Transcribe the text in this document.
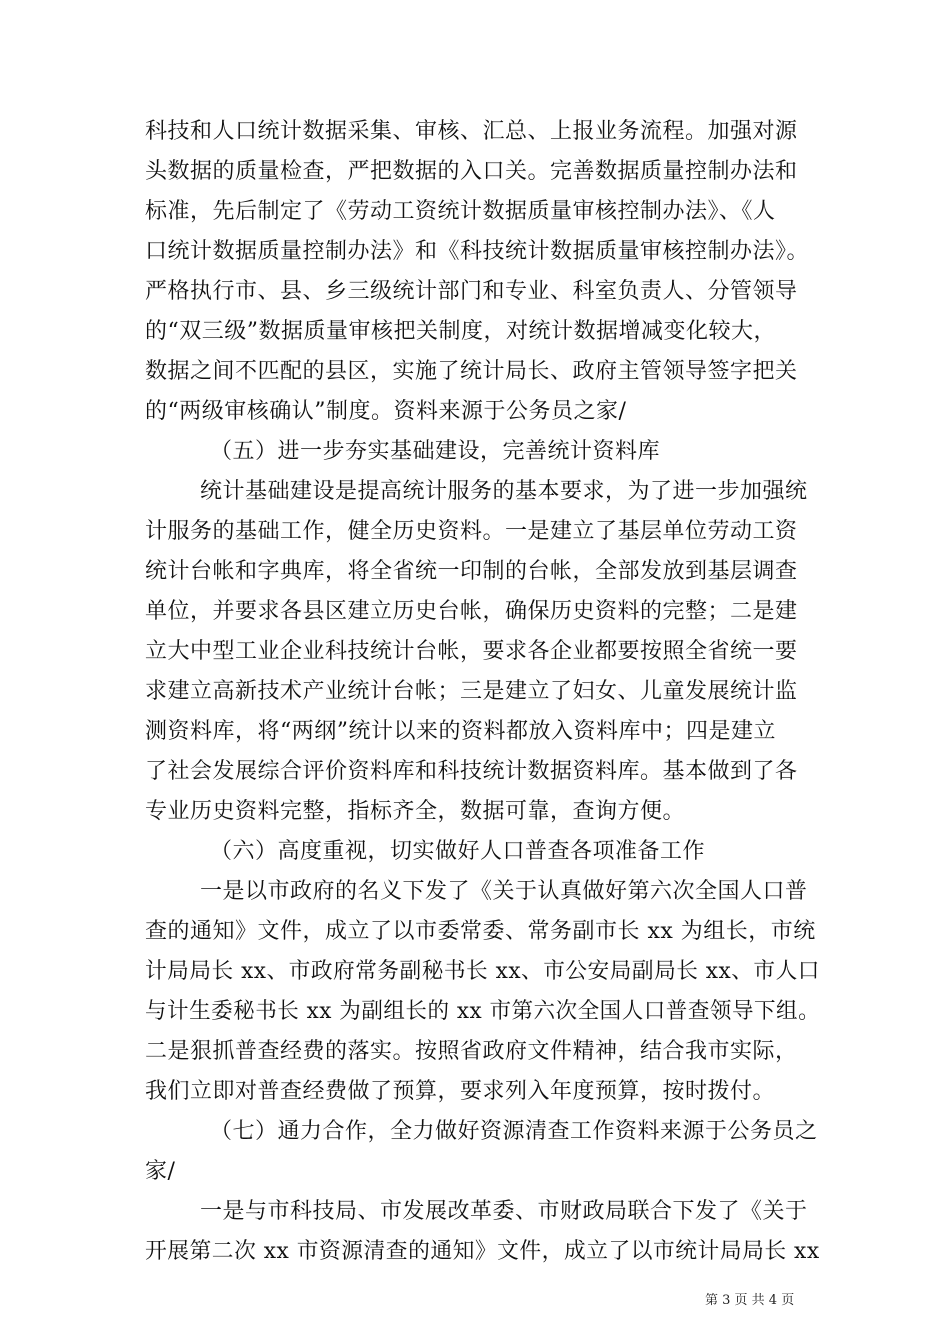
科技和人口统计数据采集、审核、汇总、上报业务流程。加强对源
头数据的质量检查，严把数据的入口关。完善数据质量控制办法和
标准，先后制定了《劳动工资统计数据质量审核控制办法》、《人
口统计数据质量控制办法》和《科技统计数据质量审核控制办法》。
严格执行市、县、乡三级统计部门和专业、科室负责人、分管领导
的“双三级”数据质量审核把关制度，对统计数据增减变化较大，
数据之间不匹配的县区，实施了统计局长、政府主管领导签字把关
的“两级审核确认”制度。资料来源于公务员之家/
（五）进一步夯实基础建设，完善统计资料库
统计基础建设是提高统计服务的基本要求，为了进一步加强统
计服务的基础工作，健全历史资料。一是建立了基层单位劳动工资
统计台帐和字典库，将全省统一印制的台帐，全部发放到基层调查
单位，并要求各县区建立历史台帐，确保历史资料的完整；二是建
立大中型工业企业科技统计台帐，要求各企业都要按照全省统一要
求建立高新技术产业统计台帐；三是建立了妇女、儿童发展统计监
测资料库，将“两纲”统计以来的资料都放入资料库中；四是建立
了社会发展综合评价资料库和科技统计数据资料库。基本做到了各
专业历史资料完整，指标齐全，数据可靠，查询方便。
（六）高度重视，切实做好人口普查各项准备工作
一是以市政府的名义下发了《关于认真做好第六次全国人口普
查的通知》文件，成立了以市委常委、常务副市长 xx 为组长，市统
计局局长 xx、市政府常务副秘书长 xx、市公安局副局长 xx、市人口
与计生委秘书长 xx 为副组长的 xx 市第六次全国人口普查领导下组。
二是狠抓普查经费的落实。按照省政府文件精神，结合我市实际，
我们立即对普查经费做了预算，要求列入年度预算，按时拨付。
（七）通力合作，全力做好资源清查工作资料来源于公务员之
家/
一是与市科技局、市发展改革委、市财政局联合下发了《关于
开展第二次 xx 市资源清查的通知》文件，成立了以市统计局局长 xx
第 3 页 共 4 页
